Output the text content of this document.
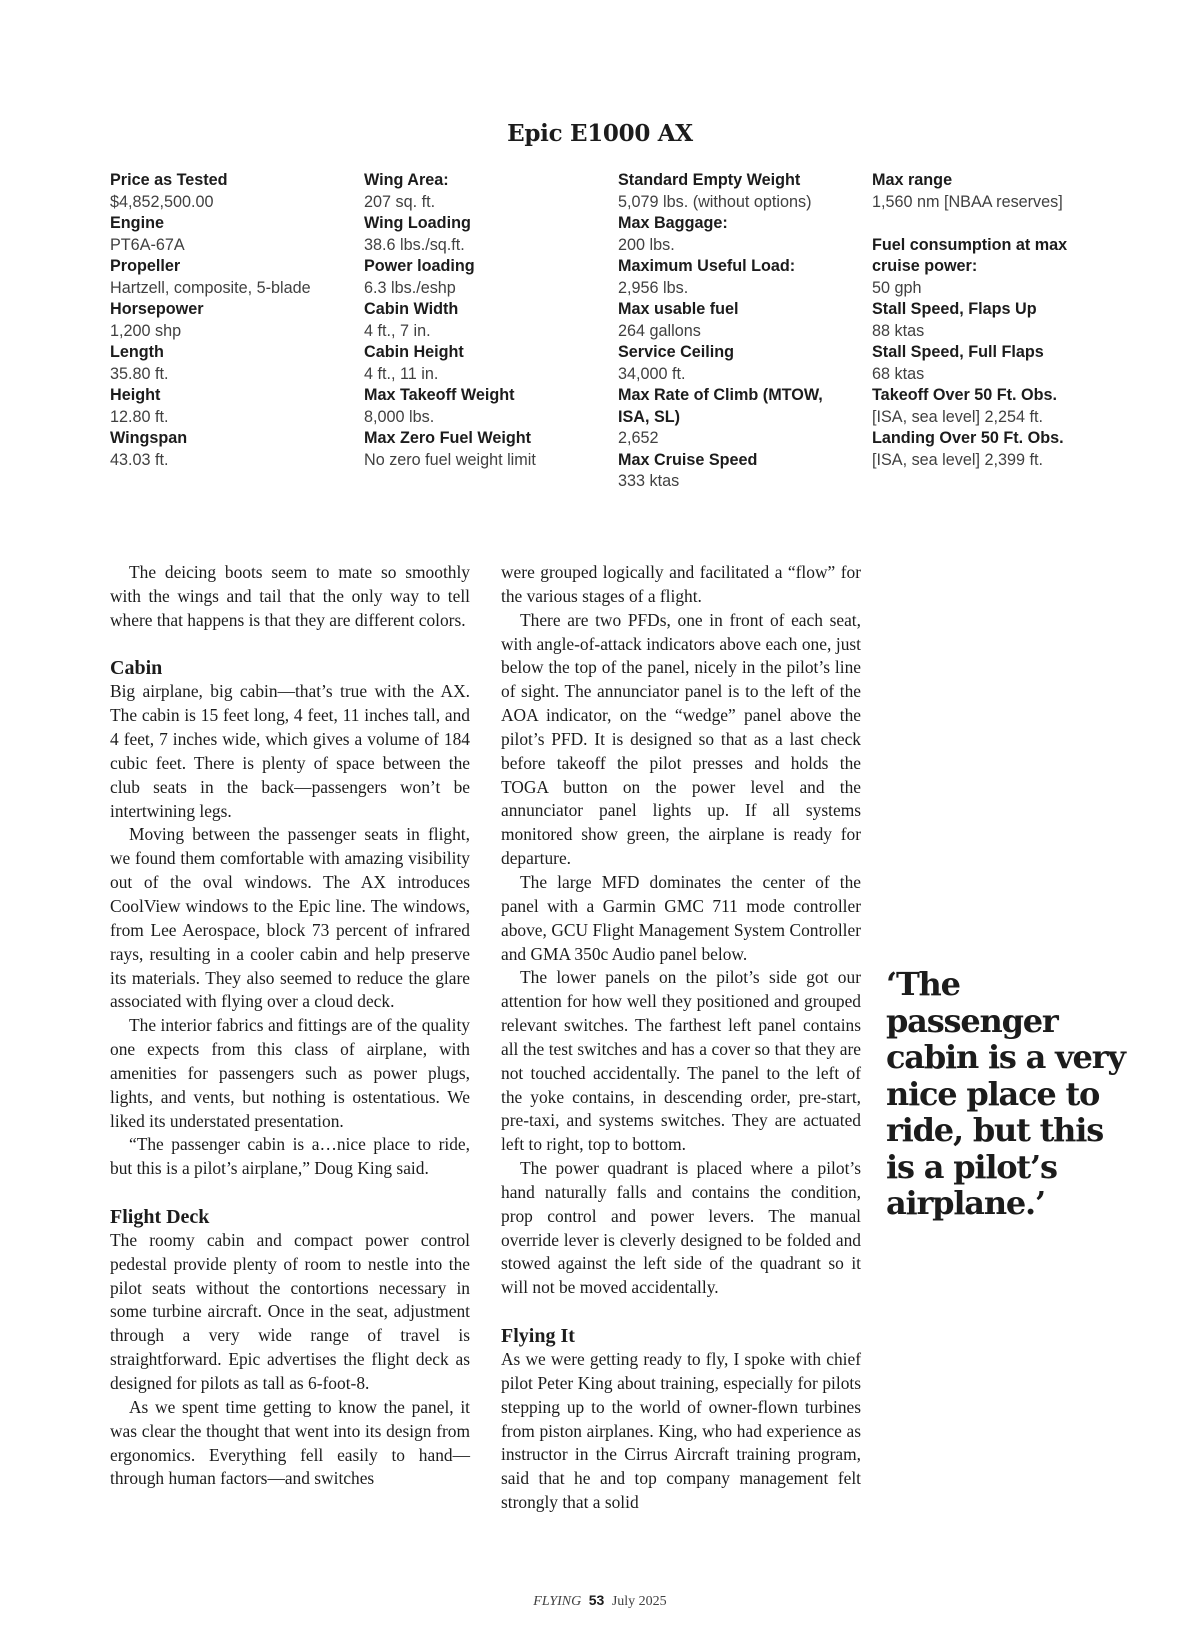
Epic E1000 AX
Price as Tested
$4,852,500.00
Engine
PT6A-67A
Propeller
Hartzell, composite, 5-blade
Horsepower
1,200 shp
Length
35.80 ft.
Height
12.80 ft.
Wingspan
43.03 ft.
Wing Area:
207 sq. ft.
Wing Loading
38.6 lbs./sq.ft.
Power loading
6.3 lbs./eshp
Cabin Width
4 ft., 7 in.
Cabin Height
4 ft., 11 in.
Max Takeoff Weight
8,000 lbs.
Max Zero Fuel Weight
No zero fuel weight limit
Standard Empty Weight
5,079 lbs. (without options)
Max Baggage:
200 lbs.
Maximum Useful Load:
2,956 lbs.
Max usable fuel
264 gallons
Service Ceiling
34,000 ft.
Max Rate of Climb (MTOW, ISA, SL)
2,652
Max Cruise Speed
333 ktas
Max range
1,560 nm [NBAA reserves]
Fuel consumption at max cruise power:
50 gph
Stall Speed, Flaps Up
88 ktas
Stall Speed, Full Flaps
68 ktas
Takeoff Over 50 Ft. Obs.
[ISA, sea level] 2,254 ft.
Landing Over 50 Ft. Obs.
[ISA, sea level] 2,399 ft.

The deicing boots seem to mate so smoothly with the wings and tail that the only way to tell where that happens is that they are different colors.

Cabin

Big airplane, big cabin—that’s true with the AX. The cabin is 15 feet long, 4 feet, 11 inches tall, and 4 feet, 7 inches wide, which gives a volume of 184 cubic feet. There is plenty of space between the club seats in the back—passengers won’t be intertwining legs.

Moving between the passenger seats in flight, we found them comfortable with amazing visibility out of the oval windows. The AX introduces CoolView windows to the Epic line. The windows, from Lee Aerospace, block 73 percent of infrared rays, resulting in a cooler cabin and help preserve its materials. They also seemed to reduce the glare associated with flying over a cloud deck.

The interior fabrics and fittings are of the quality one expects from this class of airplane, with amenities for passengers such as power plugs, lights, and vents, but nothing is ostentatious. We liked its understated presentation.

“The passenger cabin is a…nice place to ride, but this is a pilot’s airplane,” Doug King said.

Flight Deck

The roomy cabin and compact power control pedestal provide plenty of room to nestle into the pilot seats without the contortions necessary in some turbine aircraft. Once in the seat, adjustment through a very wide range of travel is straightforward. Epic advertises the flight deck as designed for pilots as tall as 6-foot-8.

As we spent time getting to know the panel, it was clear the thought that went into its design from ergonomics. Everything fell easily to hand—through human factors—and switches

were grouped logically and facilitated a “flow” for the various stages of a flight.

There are two PFDs, one in front of each seat, with angle-of-attack indicators above each one, just below the top of the panel, nicely in the pilot’s line of sight. The annunciator panel is to the left of the AOA indicator, on the “wedge” panel above the pilot’s PFD. It is designed so that as a last check before takeoff the pilot presses and holds the TOGA button on the power level and the annunciator panel lights up. If all systems monitored show green, the airplane is ready for departure.

The large MFD dominates the center of the panel with a Garmin GMC 711 mode controller above, GCU Flight Management System Controller and GMA 350c Audio panel below.

The lower panels on the pilot’s side got our attention for how well they positioned and grouped relevant switches. The farthest left panel contains all the test switches and has a cover so that they are not touched accidentally. The panel to the left of the yoke contains, in descending order, pre-start, pre-taxi, and systems switches. They are actuated left to right, top to bottom.

The power quadrant is placed where a pilot’s hand naturally falls and contains the condition, prop control and power levers. The manual override lever is cleverly designed to be folded and stowed against the left side of the quadrant so it will not be moved accidentally.

Flying It

As we were getting ready to fly, I spoke with chief pilot Peter King about training, especially for pilots stepping up to the world of owner-flown turbines from piston airplanes. King, who had experience as instructor in the Cirrus Aircraft training program, said that he and top company management felt strongly that a solid

‘The passenger cabin is a very nice place to ride, but this is a pilot’s airplane.’

FLYING 53 July 2025
